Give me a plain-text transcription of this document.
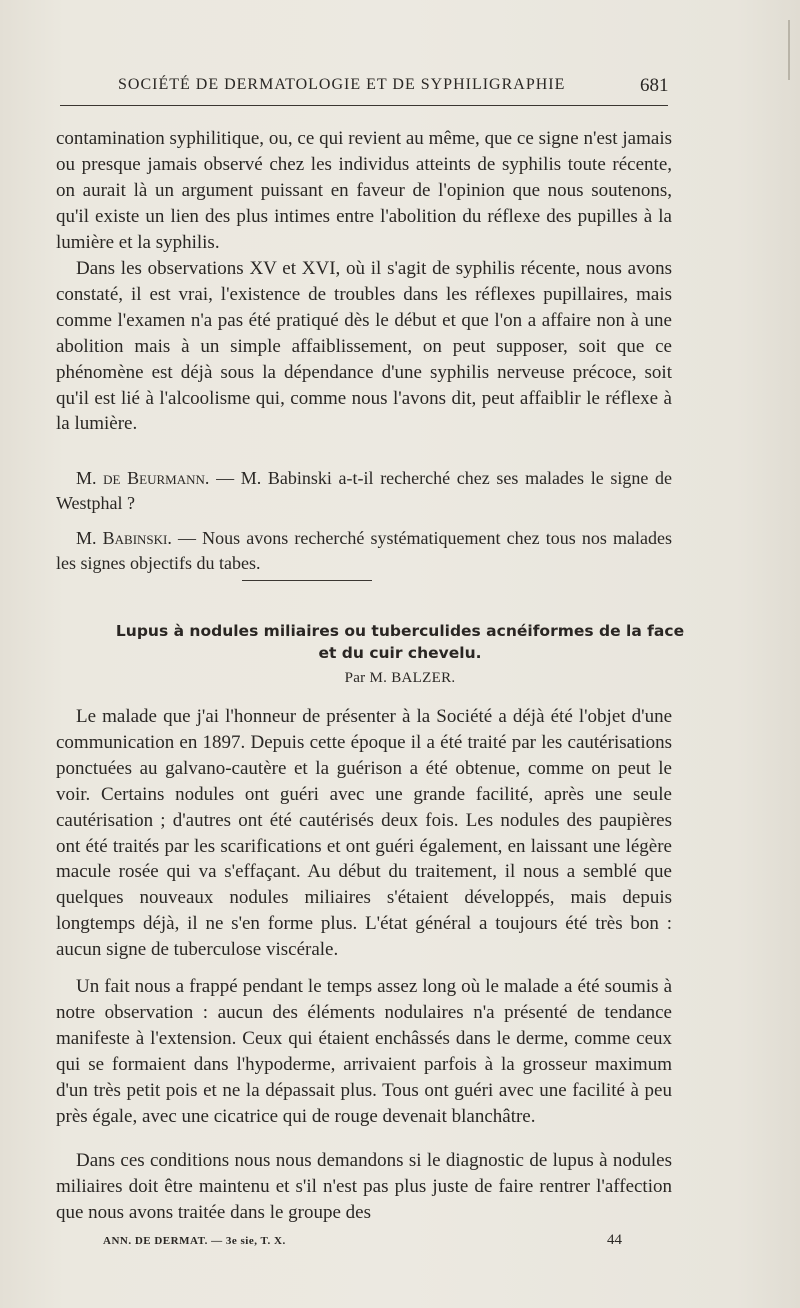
SOCIÉTÉ DE DERMATOLOGIE ET DE SYPHILIGRAPHIE	681

contamination syphilitique, ou, ce qui revient au même, que ce signe n'est jamais ou presque jamais observé chez les individus atteints de syphilis toute récente, on aurait là un argument puissant en faveur de l'opinion que nous soutenons, qu'il existe un lien des plus intimes entre l'abolition du réflexe des pupilles à la lumière et la syphilis.

Dans les observations XV et XVI, où il s'agit de syphilis récente, nous avons constaté, il est vrai, l'existence de troubles dans les réflexes pupillaires, mais comme l'examen n'a pas été pratiqué dès le début et que l'on a affaire non à une abolition mais à un simple affaiblissement, on peut supposer, soit que ce phénomène est déjà sous la dépendance d'une syphilis nerveuse précoce, soit qu'il est lié à l'alcoolisme qui, comme nous l'avons dit, peut affaiblir le réflexe à la lumière.

M. de Beurmann. — M. Babinski a-t-il recherché chez ses malades le signe de Westphal ?

M. Babinski. — Nous avons recherché systématiquement chez tous nos malades les signes objectifs du tabes.

Lupus à nodules miliaires ou tuberculides acnéiformes de la face
et du cuir chevelu.
Par M. BALZER.

Le malade que j'ai l'honneur de présenter à la Société a déjà été l'objet d'une communication en 1897. Depuis cette époque il a été traité par les cautérisations ponctuées au galvano-cautère et la guérison a été obtenue, comme on peut le voir. Certains nodules ont guéri avec une grande facilité, après une seule cautérisation ; d'autres ont été cautérisés deux fois. Les nodules des paupières ont été traités par les scarifications et ont guéri également, en laissant une légère macule rosée qui va s'effaçant. Au début du traitement, il nous a semblé que quelques nouveaux nodules miliaires s'étaient développés, mais depuis longtemps déjà, il ne s'en forme plus. L'état général a toujours été très bon : aucun signe de tuberculose viscérale.

Un fait nous a frappé pendant le temps assez long où le malade a été soumis à notre observation : aucun des éléments nodulaires n'a présenté de tendance manifeste à l'extension. Ceux qui étaient enchâssés dans le derme, comme ceux qui se formaient dans l'hypoderme, arrivaient parfois à la grosseur maximum d'un très petit pois et ne la dépassait plus. Tous ont guéri avec une facilité à peu près égale, avec une cicatrice qui de rouge devenait blanchâtre.

Dans ces conditions nous nous demandons si le diagnostic de lupus à nodules miliaires doit être maintenu et s'il n'est pas plus juste de faire rentrer l'affection que nous avons traitée dans le groupe des

ANN. DE DERMAT. — 3e sie, T. X.	44
